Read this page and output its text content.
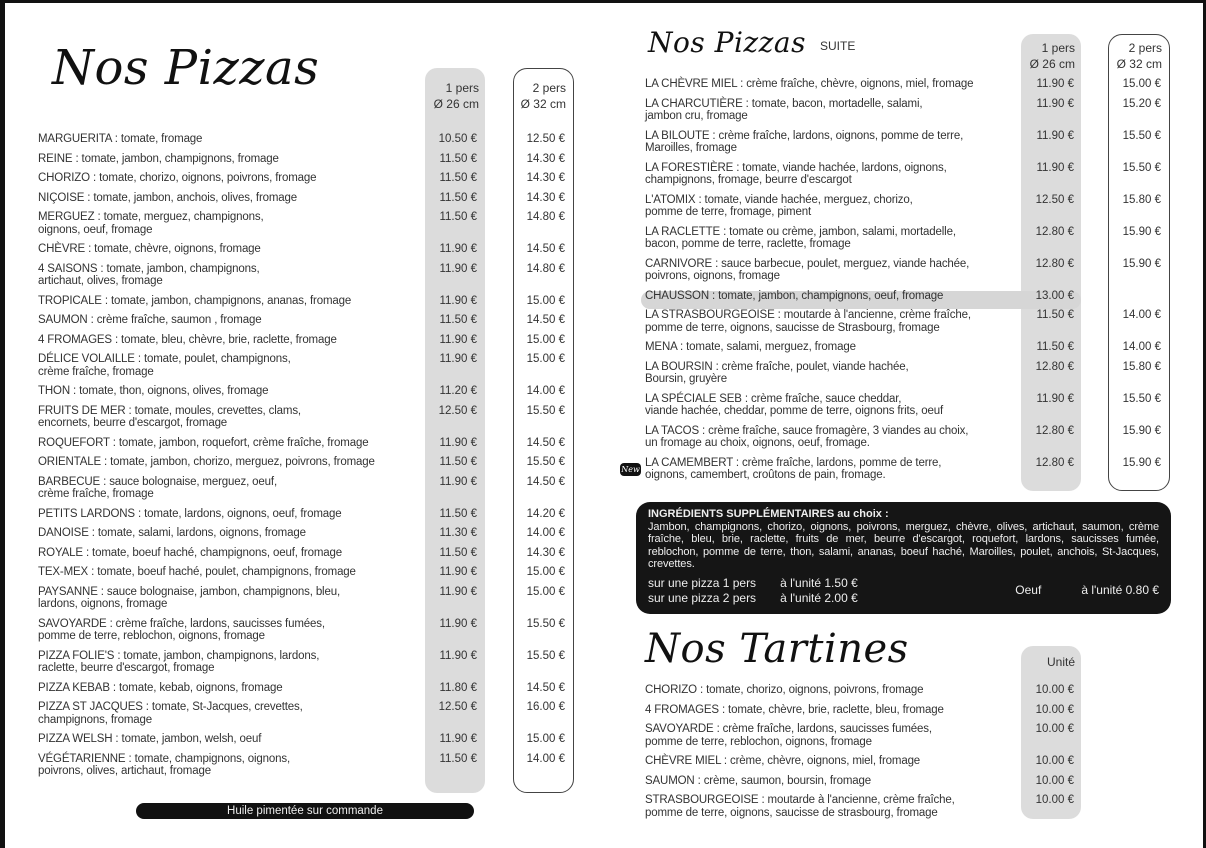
Nos Pizzas	1 pers
Ø 26 cm
2 pers
Ø 32 cm
MARGUERITA : tomate, fromage	10.50 €	12.50 €
REINE : tomate, jambon, champignons, fromage	11.50 €	14.30 €
CHORIZO : tomate, chorizo, oignons, poivrons, fromage	11.50 €	14.30 €
NIÇOISE : tomate, jambon, anchois, olives, fromage	11.50 €	14.30 €
MERGUEZ : tomate, merguez, champignons,
oignons, oeuf, fromage
11.50 €	14.80 €
CHÈVRE : tomate, chèvre, oignons, fromage	11.90 €	14.50 €
4 SAISONS : tomate, jambon, champignons,
artichaut, olives, fromage
11.90 €	14.80 €
TROPICALE : tomate, jambon, champignons, ananas, fromage	11.90 €	15.00 €
SAUMON : crème fraîche, saumon , fromage	11.50 €	14.50 €
4 FROMAGES : tomate, bleu, chèvre, brie, raclette, fromage	11.90 €	15.00 €
DÉLICE VOLAILLE : tomate, poulet, champignons,
crème fraîche, fromage
11.90 €	15.00 €
THON : tomate, thon, oignons, olives, fromage	11.20 €	14.00 €
FRUITS DE MER : tomate, moules, crevettes, clams,
encornets, beurre d'escargot, fromage
12.50 €	15.50 €
ROQUEFORT : tomate, jambon, roquefort, crème fraîche, fromage	11.90 €	14.50 €
ORIENTALE : tomate, jambon, chorizo, merguez, poivrons, fromage	11.50 €	15.50 €
BARBECUE : sauce bolognaise, merguez, oeuf,
crème fraîche, fromage
11.90 €	14.50 €
PETITS LARDONS : tomate, lardons, oignons, oeuf, fromage	11.50 €	14.20 €
DANOISE : tomate, salami, lardons, oignons, fromage	11.30 €	14.00 €
ROYALE : tomate, boeuf haché, champignons, oeuf, fromage	11.50 €	14.30 €
TEX-MEX : tomate, boeuf haché, poulet, champignons, fromage	11.90 €	15.00 €
PAYSANNE : sauce bolognaise, jambon, champignons, bleu,
lardons, oignons, fromage
11.90 €	15.00 €
SAVOYARDE : crème fraîche, lardons, saucisses fumées,
pomme de terre, reblochon, oignons, fromage
11.90 €	15.50 €
PIZZA FOLIE'S : tomate, jambon, champignons, lardons,
raclette, beurre d'escargot, fromage
11.90 €	15.50 €
PIZZA KEBAB : tomate, kebab, oignons, fromage	11.80 €	14.50 €
PIZZA ST JACQUES : tomate, St-Jacques, crevettes,
champignons, fromage
12.50 €	16.00 €
PIZZA WELSH : tomate, jambon, welsh, oeuf	11.90 €	15.00 €
VÉGÉTARIENNE : tomate, champignons, oignons,
poivrons, olives, artichaut, fromage
11.50 €	14.00 €
Huile pimentée sur commande
Nos Pizzas SUITE	1 pers
Ø 26 cm
2 pers
Ø 32 cm
New
LA CHÈVRE MIEL : crème fraîche, chèvre, oignons, miel, fromage	11.90 €	15.00 €
LA CHARCUTIÈRE : tomate, bacon, mortadelle, salami,
jambon cru, fromage
11.90 €	15.20 €
LA BILOUTE : crème fraîche, lardons, oignons, pomme de terre,
Maroilles, fromage
11.90 €	15.50 €
LA FORESTIÈRE : tomate, viande hachée, lardons, oignons,
champignons, fromage, beurre d'escargot
11.90 €	15.50 €
L'ATOMIX : tomate, viande hachée, merguez, chorizo,
pomme de terre, fromage, piment
12.50 €	15.80 €
LA RACLETTE : tomate ou crème, jambon, salami, mortadelle,
bacon, pomme de terre, raclette, fromage
12.80 €	15.90 €
CARNIVORE : sauce barbecue, poulet, merguez, viande hachée,
poivrons, oignons, fromage
12.80 €	15.90 €
CHAUSSON : tomate, jambon, champignons, oeuf, fromage	13.00 €
LA STRASBOURGEOISE : moutarde à l'ancienne, crème fraîche,
pomme de terre, oignons, saucisse de Strasbourg, fromage
11.50 €	14.00 €
MENA : tomate, salami, merguez, fromage	11.50 €	14.00 €
LA BOURSIN : crème fraîche, poulet, viande hachée,
Boursin, gruyère
12.80 €	15.80 €
LA SPÉCIALE SEB : crème fraîche, sauce cheddar,
viande hachée, cheddar, pomme de terre, oignons frits, oeuf
11.90 €	15.50 €
LA TACOS : crème fraîche, sauce fromagère, 3 viandes au choix,
un fromage au choix, oignons, oeuf, fromage.
12.80 €	15.90 €
LA CAMEMBERT : crème fraîche, lardons, pomme de terre,
oignons, camembert, croûtons de pain, fromage.
12.80 €	15.90 €
INGRÉDIENTS SUPPLÉMENTAIRES au choix :
Jambon, champignons, chorizo, oignons, poivrons, merguez, chèvre, olives, artichaut, saumon, crème fraîche, bleu, brie, raclette, fruits de mer, beurre d'escargot, roquefort, lardons, saucisses fumée, reblochon, pomme de terre, thon, salami, ananas, boeuf haché, Maroilles, poulet, anchois, St-Jacques, crevettes.
sur une pizza 1 pers à l'unité 1.50 €
sur une pizza 2 pers à l'unité 2.00 €
Oeuf	à l'unité 0.80 €
Nos Tartines	Unité
CHORIZO : tomate, chorizo, oignons, poivrons, fromage	10.00 €
4 FROMAGES : tomate, chèvre, brie, raclette, bleu, fromage	10.00 €
SAVOYARDE : crème fraîche, lardons, saucisses fumées,
pomme de terre, reblochon, oignons, fromage
10.00 €
CHÈVRE MIEL : crème, chèvre, oignons, miel, fromage	10.00 €
SAUMON : crème, saumon, boursin, fromage	10.00 €
STRASBOURGEOISE : moutarde à l'ancienne, crème fraîche,
pomme de terre, oignons, saucisse de strasbourg, fromage
10.00 €
